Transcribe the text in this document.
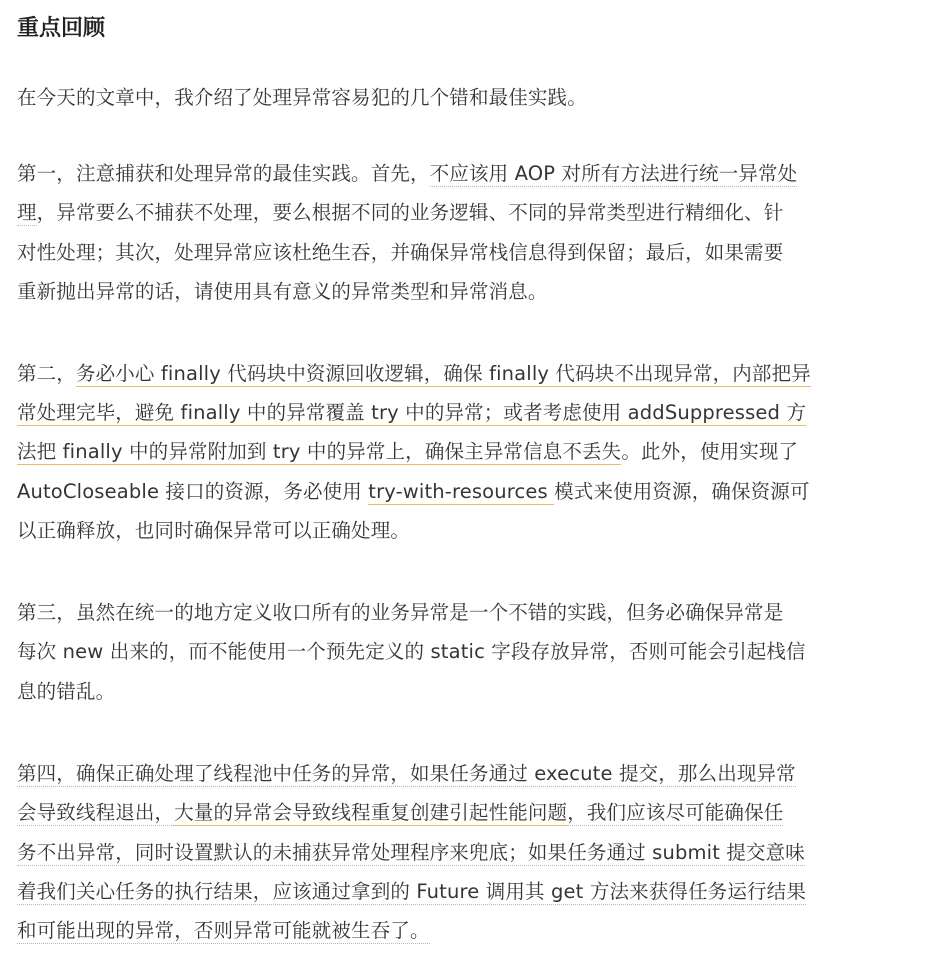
重点回顾

在今天的文章中，我介绍了处理异常容易犯的几个错和最佳实践。

第一，注意捕获和处理异常的最佳实践。首先，不应该用 AOP 对所有方法进行统一异常处

理，异常要么不捕获不处理，要么根据不同的业务逻辑、不同的异常类型进行精细化、针

对性处理；其次，处理异常应该杜绝生吞，并确保异常栈信息得到保留；最后，如果需要

重新抛出异常的话，请使用具有意义的异常类型和异常消息。

第二，务必小心 finally 代码块中资源回收逻辑，确保 finally 代码块不出现异常，内部把异

常处理完毕，避免 finally 中的异常覆盖 try 中的异常；或者考虑使用 addSuppressed 方

法把 finally 中的异常附加到 try 中的异常上，确保主异常信息不丢失。此外，使用实现了

AutoCloseable 接口的资源，务必使用 try-with-resources 模式来使用资源，确保资源可

以正确释放，也同时确保异常可以正确处理。

第三，虽然在统一的地方定义收口所有的业务异常是一个不错的实践，但务必确保异常是

每次 new 出来的，而不能使用一个预先定义的 static 字段存放异常，否则可能会引起栈信

息的错乱。

第四，确保正确处理了线程池中任务的异常，如果任务通过 execute 提交，那么出现异常

会导致线程退出，大量的异常会导致线程重复创建引起性能问题，我们应该尽可能确保任

务不出异常，同时设置默认的未捕获异常处理程序来兜底；如果任务通过 submit 提交意味

着我们关心任务的执行结果，应该通过拿到的 Future 调用其 get 方法来获得任务运行结果

和可能出现的异常，否则异常可能就被生吞了。
